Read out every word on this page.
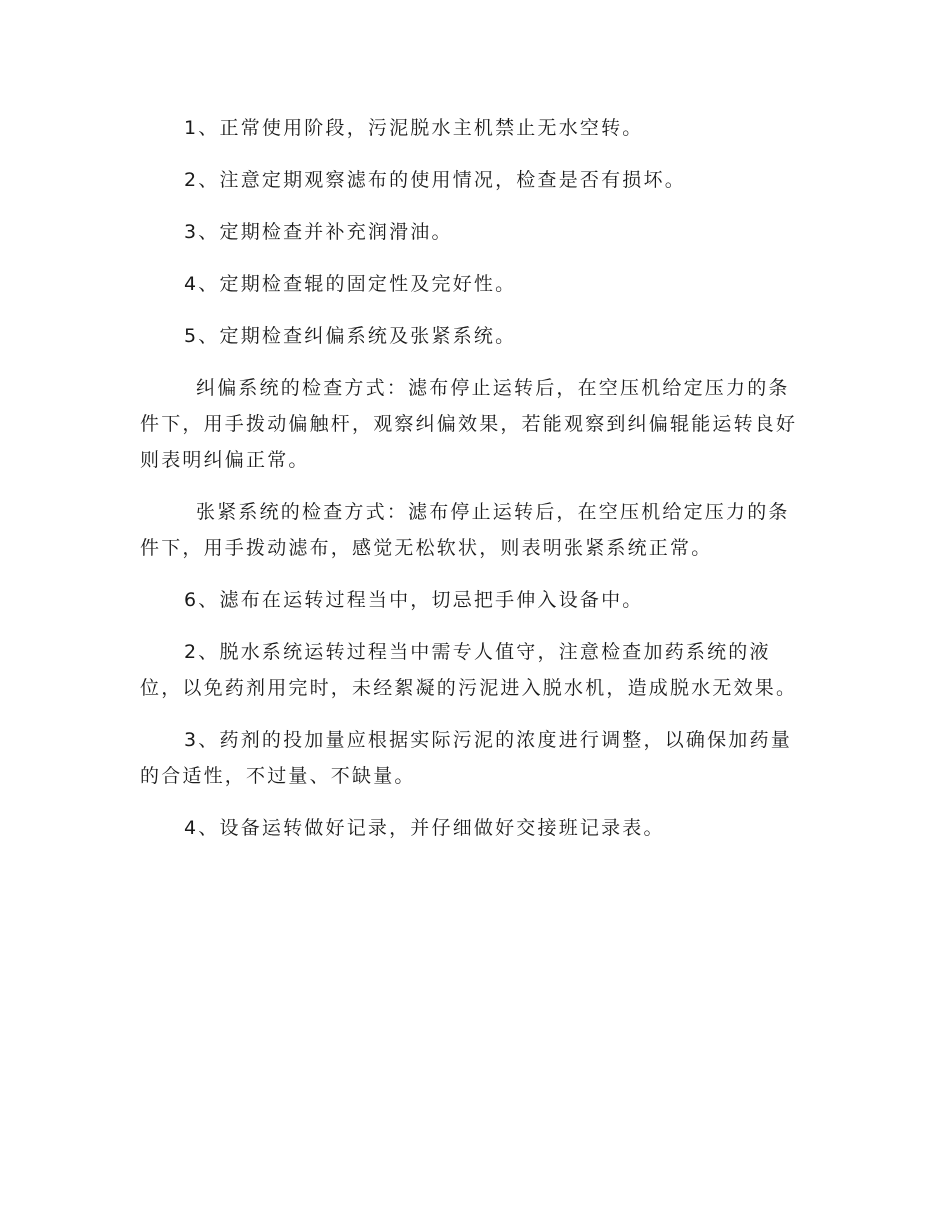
1、正常使用阶段，污泥脱水主机禁止无水空转。

2、注意定期观察滤布的使用情况，检查是否有损坏。

3、定期检查并补充润滑油。

4、定期检查辊的固定性及完好性。

5、定期检查纠偏系统及张紧系统。

纠偏系统的检查方式：滤布停止运转后，在空压机给定压力的条件下，用手拨动偏触杆，观察纠偏效果，若能观察到纠偏辊能运转良好则表明纠偏正常。

张紧系统的检查方式：滤布停止运转后，在空压机给定压力的条件下，用手拨动滤布，感觉无松软状，则表明张紧系统正常。

6、滤布在运转过程当中，切忌把手伸入设备中。

2、脱水系统运转过程当中需专人值守，注意检查加药系统的液位，以免药剂用完时，未经絮凝的污泥进入脱水机，造成脱水无效果。

3、药剂的投加量应根据实际污泥的浓度进行调整，以确保加药量的合适性，不过量、不缺量。

4、设备运转做好记录，并仔细做好交接班记录表。
